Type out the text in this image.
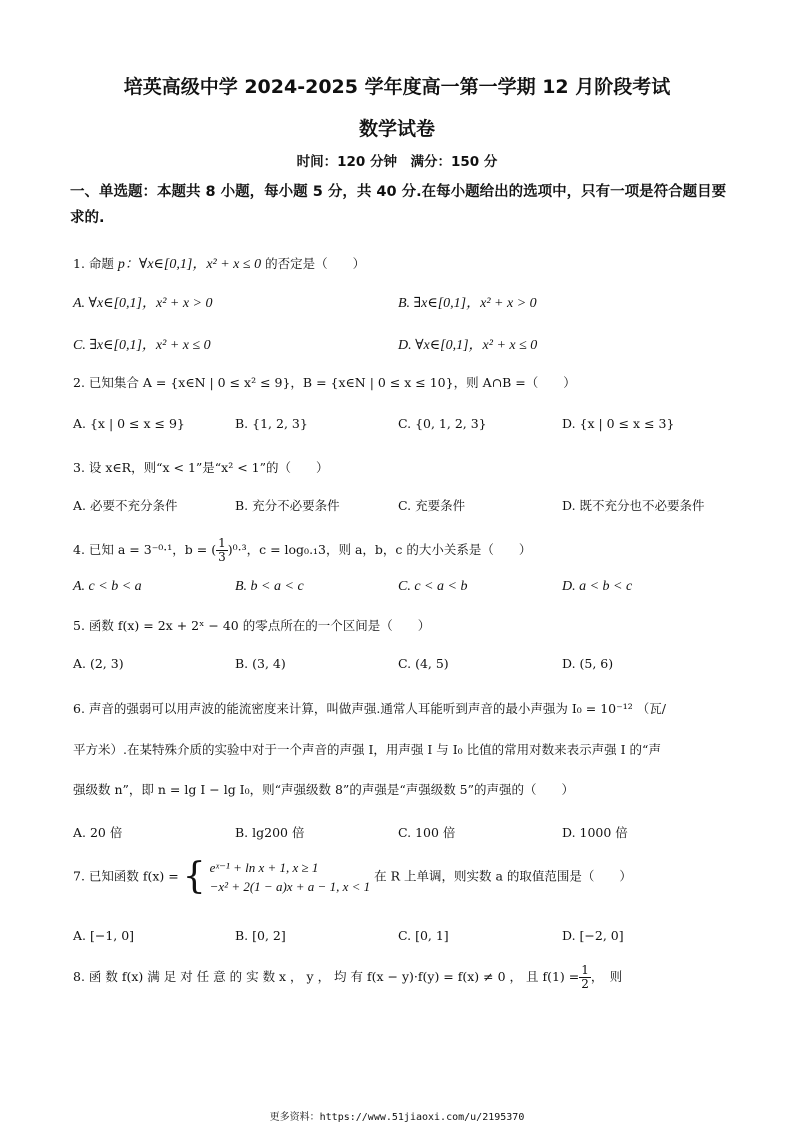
培英高级中学 2024-2025 学年度高一第一学期 12 月阶段考试
数学试卷
时间：120 分钟　满分：150 分
一、单选题：本题共 8 小题，每小题 5 分，共 40 分.在每小题给出的选项中，只有一项是符合题目要求的.
1. 命题 p：∀x∈[0,1]，x² + x ≤ 0 的否定是（　　）
A. ∀x∈[0,1]，x² + x > 0	B. ∃x∈[0,1]，x² + x > 0
C. ∃x∈[0,1]，x² + x ≤ 0	D. ∀x∈[0,1]，x² + x ≤ 0
2. 已知集合 A = {x∈N | 0 ≤ x² ≤ 9}，B = {x∈N | 0 ≤ x ≤ 10}，则 A∩B =（　　）
A. {x | 0 ≤ x ≤ 9}	B. {1, 2, 3}	C. {0, 1, 2, 3}	D. {x | 0 ≤ x ≤ 3}
3. 设 x∈R，则“x < 1”是“x² < 1”的（　　）
A. 必要不充分条件	B. 充分不必要条件	C. 充要条件	D. 既不充分也不必要条件
4. 已知 a = 3⁻⁰·¹，b = ( $\frac{1}{3} )^0\cdot^3$，c = log₀.₁3，则 a，b，c 的大小关系是（　　）
A. c < b < a	B. b < a < c	C. c < a < b	D. a < b < c
5. 函数 f(x) = 2x + 2ˣ − 40 的零点所在的一个区间是（　　）
A. (2, 3)	B. (3, 4)	C. (4, 5)	D. (5, 6)
6. 声音的强弱可以用声波的能流密度来计算，叫做声强.通常人耳能听到声音的最小声强为 I₀ = 10⁻¹² （瓦/
平方米）.在某特殊介质的实验中对于一个声音的声强 I，用声强 I 与 I₀ 比值的常用对数来表示声强 I 的“声
强级数 n”，即 n = lg I − lg I₀，则“声强级数 8”的声强是“声强级数 5”的声强的（　　）
A. 20 倍	B. lg200 倍	C. 100 倍	D. 1000 倍
7. 已知函数 f(x) = { eˣ⁻¹ + ln x + 1, x ≥ 1
−x² + 2(1 − a)x + a − 1, x < 1
在 R 上单调，则实数 a 的取值范围是（　　）
A. [−1, 0]	B. [0, 2]	C. [0, 1]	D. [−2, 0]
8. 函 数 f(x) 满 足 对 任 意 的 实 数 x ， y ， 均 有 f(x − y)·f(y) = f(x) ≠ 0 ， 且 $f(1) = \frac{1}{2}$ ，　则
更多资料：https://www.51jiaoxi.com/u/2195370
